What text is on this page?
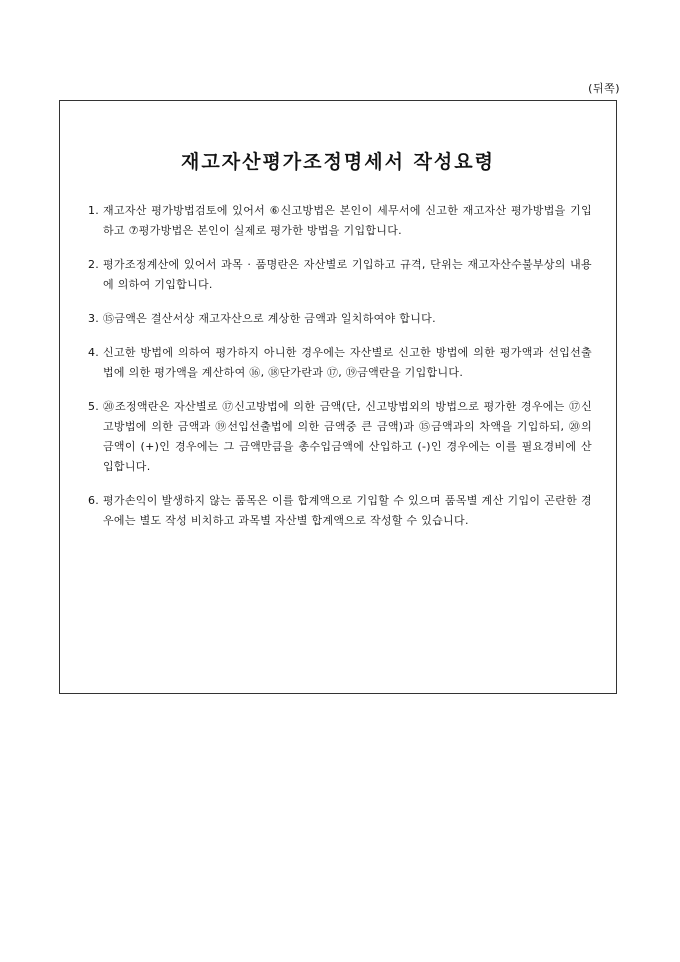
(뒤쪽)
재고자산평가조정명세서 작성요령
1. 재고자산 평가방법검토에 있어서 ⑥신고방법은 본인이 세무서에 신고한 재고자산 평가방법을 기입하고 ⑦평가방법은 본인이 실제로 평가한 방법을 기입합니다.
2. 평가조정계산에 있어서 과목 · 품명란은 자산별로 기입하고 규격, 단위는 재고자산수불부상의 내용에 의하여 기입합니다.
3. ⑮금액은 결산서상 재고자산으로 계상한 금액과 일치하여야 합니다.
4. 신고한 방법에 의하여 평가하지 아니한 경우에는 자산별로 신고한 방법에 의한 평가액과 선입선출법에 의한 평가액을 계산하여 ⑯, ⑱단가란과 ⑰, ⑲금액란을 기입합니다.
5. ⑳조정액란은 자산별로 ⑰신고방법에 의한 금액(단, 신고방법외의 방법으로 평가한 경우에는 ⑰신고방법에 의한 금액과 ⑲선입선출법에 의한 금액중 큰 금액)과 ⑮금액과의 차액을 기입하되, ⑳의 금액이 (+)인 경우에는 그 금액만큼을 총수입금액에 산입하고 (-)인 경우에는 이를 필요경비에 산입합니다.
6. 평가손익이 발생하지 않는 품목은 이를 합계액으로 기입할 수 있으며 품목별 계산 기입이 곤란한 경우에는 별도 작성 비치하고 과목별 자산별 합계액으로 작성할 수 있습니다.
